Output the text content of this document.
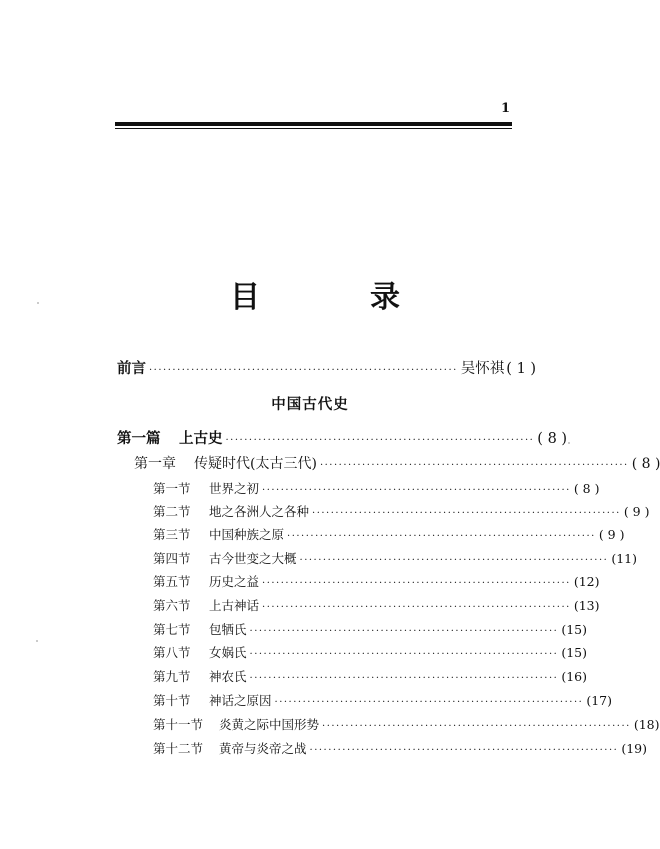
1
目	录
前言 ·································································· 吴怀祺 ( 1 )
中国古代史
第一篇 上古史 ·································································· ( 8 )
第一章 传疑时代(太古三代) ·································································· ( 8 )
第一节 世界之初 ·································································· ( 8 )
第二节 地之各洲人之各种 ·································································· ( 9 )
第三节 中国种族之原 ·································································· ( 9 )
第四节 古今世变之大概 ·································································· (11)
第五节 历史之益 ·································································· (12)
第六节 上古神话 ·································································· (13)
第七节 包牺氏 ·································································· (15)
第八节 女娲氏 ·································································· (15)
第九节 神农氏 ·································································· (16)
第十节 神话之原因 ·································································· (17)
第十一节 炎黄之际中国形势 ·································································· (18)
第十二节 黄帝与炎帝之战 ·································································· (19)
